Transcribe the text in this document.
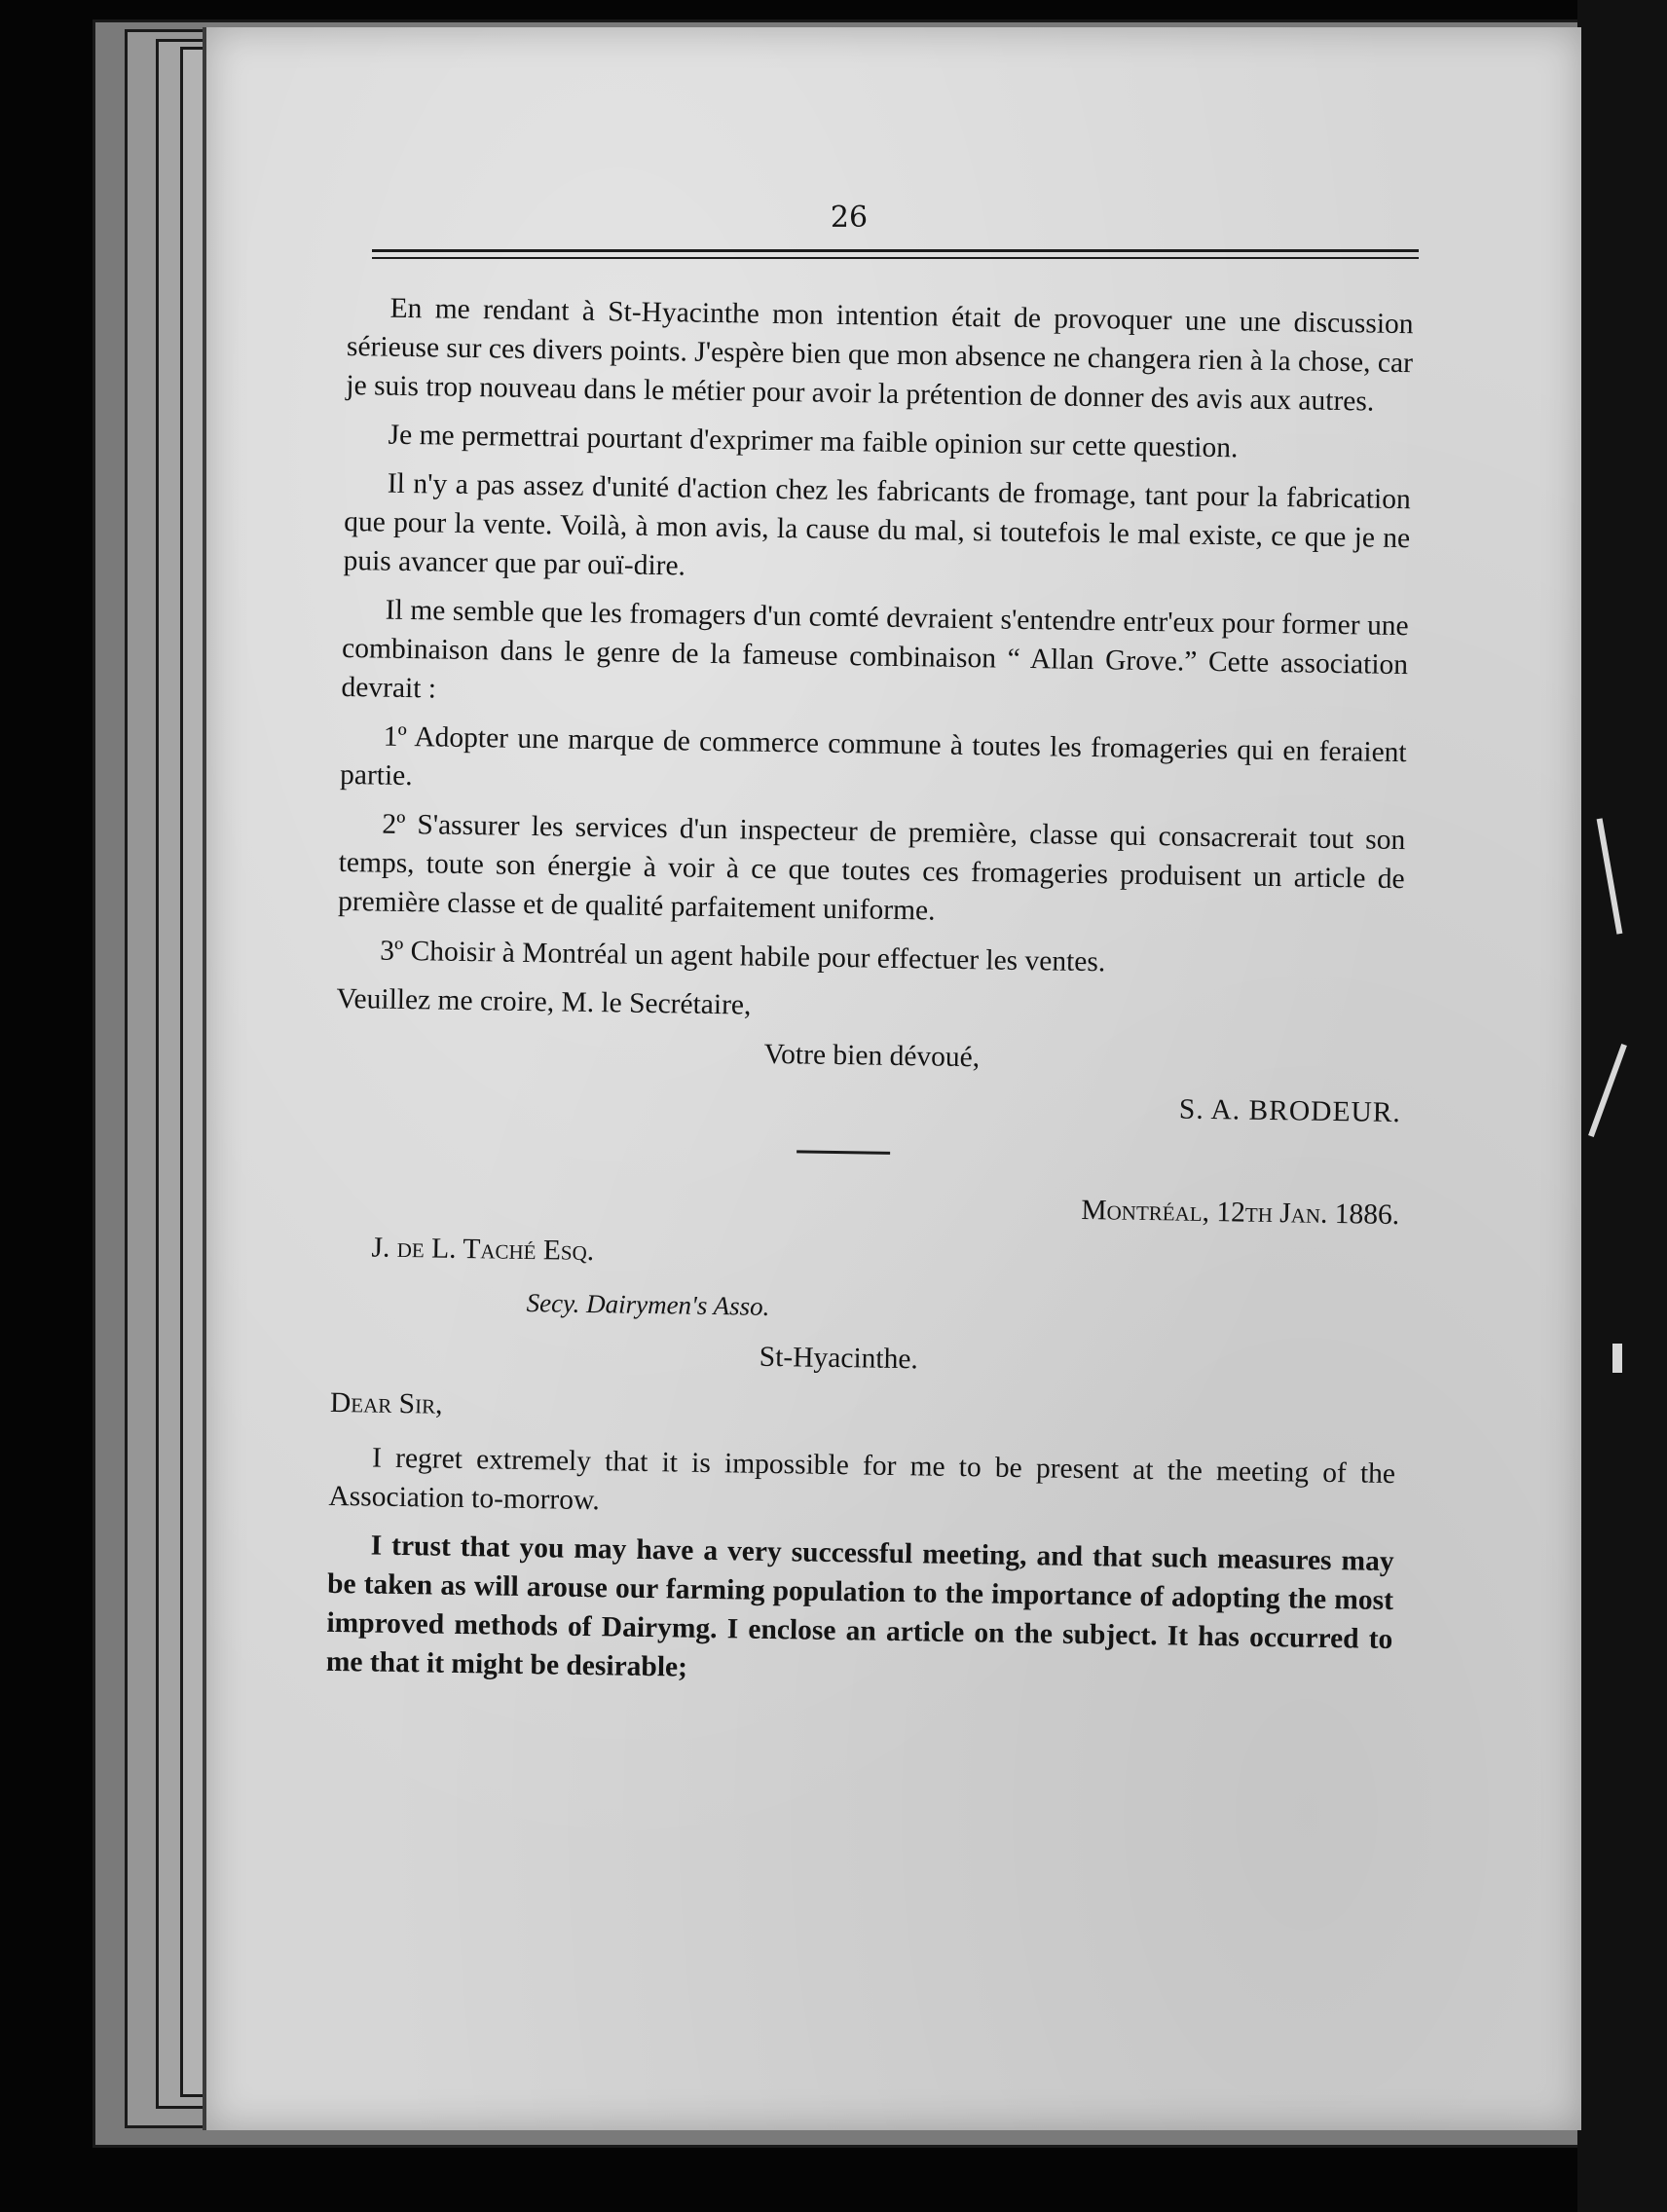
26

En me rendant à St-Hyacinthe mon intention était de provoquer une une discussion sérieuse sur ces divers points. J'espère bien que mon absence ne changera rien à la chose, car je suis trop nouveau dans le métier pour avoir la prétention de donner des avis aux autres.

Je me permettrai pourtant d'exprimer ma faible opinion sur cette question.

Il n'y a pas assez d'unité d'action chez les fabricants de fromage, tant pour la fabrication que pour la vente. Voilà, à mon avis, la cause du mal, si toutefois le mal existe, ce que je ne puis avancer que par ouï-dire.

Il me semble que les fromagers d'un comté devraient s'entendre entr'eux pour former une combinaison dans le genre de la fameuse combinaison “ Allan Grove.” Cette association devrait :

1º Adopter une marque de commerce commune à toutes les fromageries qui en feraient partie.

2º S'assurer les services d'un inspecteur de première, classe qui consacrerait tout son temps, toute son énergie à voir à ce que toutes ces fromageries produisent un article de première classe et de qualité parfaitement uniforme.

3º Choisir à Montréal un agent habile pour effectuer les ventes.

Veuillez me croire, M. le Secrétaire,

Votre bien dévoué,
S. A. BRODEUR.
Montréal, 12th Jan. 1886.
J. de L. Taché Esq.
Secy. Dairymen's Asso.
St-Hyacinthe.
Dear Sir,

I regret extremely that it is impossible for me to be present at the meeting of the Association to-morrow.

I trust that you may have a very successful meeting, and that such measures may be taken as will arouse our farming population to the importance of adopting the most improved methods of Dairymg. I enclose an article on the subject. It has occurred to me that it might be desirable;
